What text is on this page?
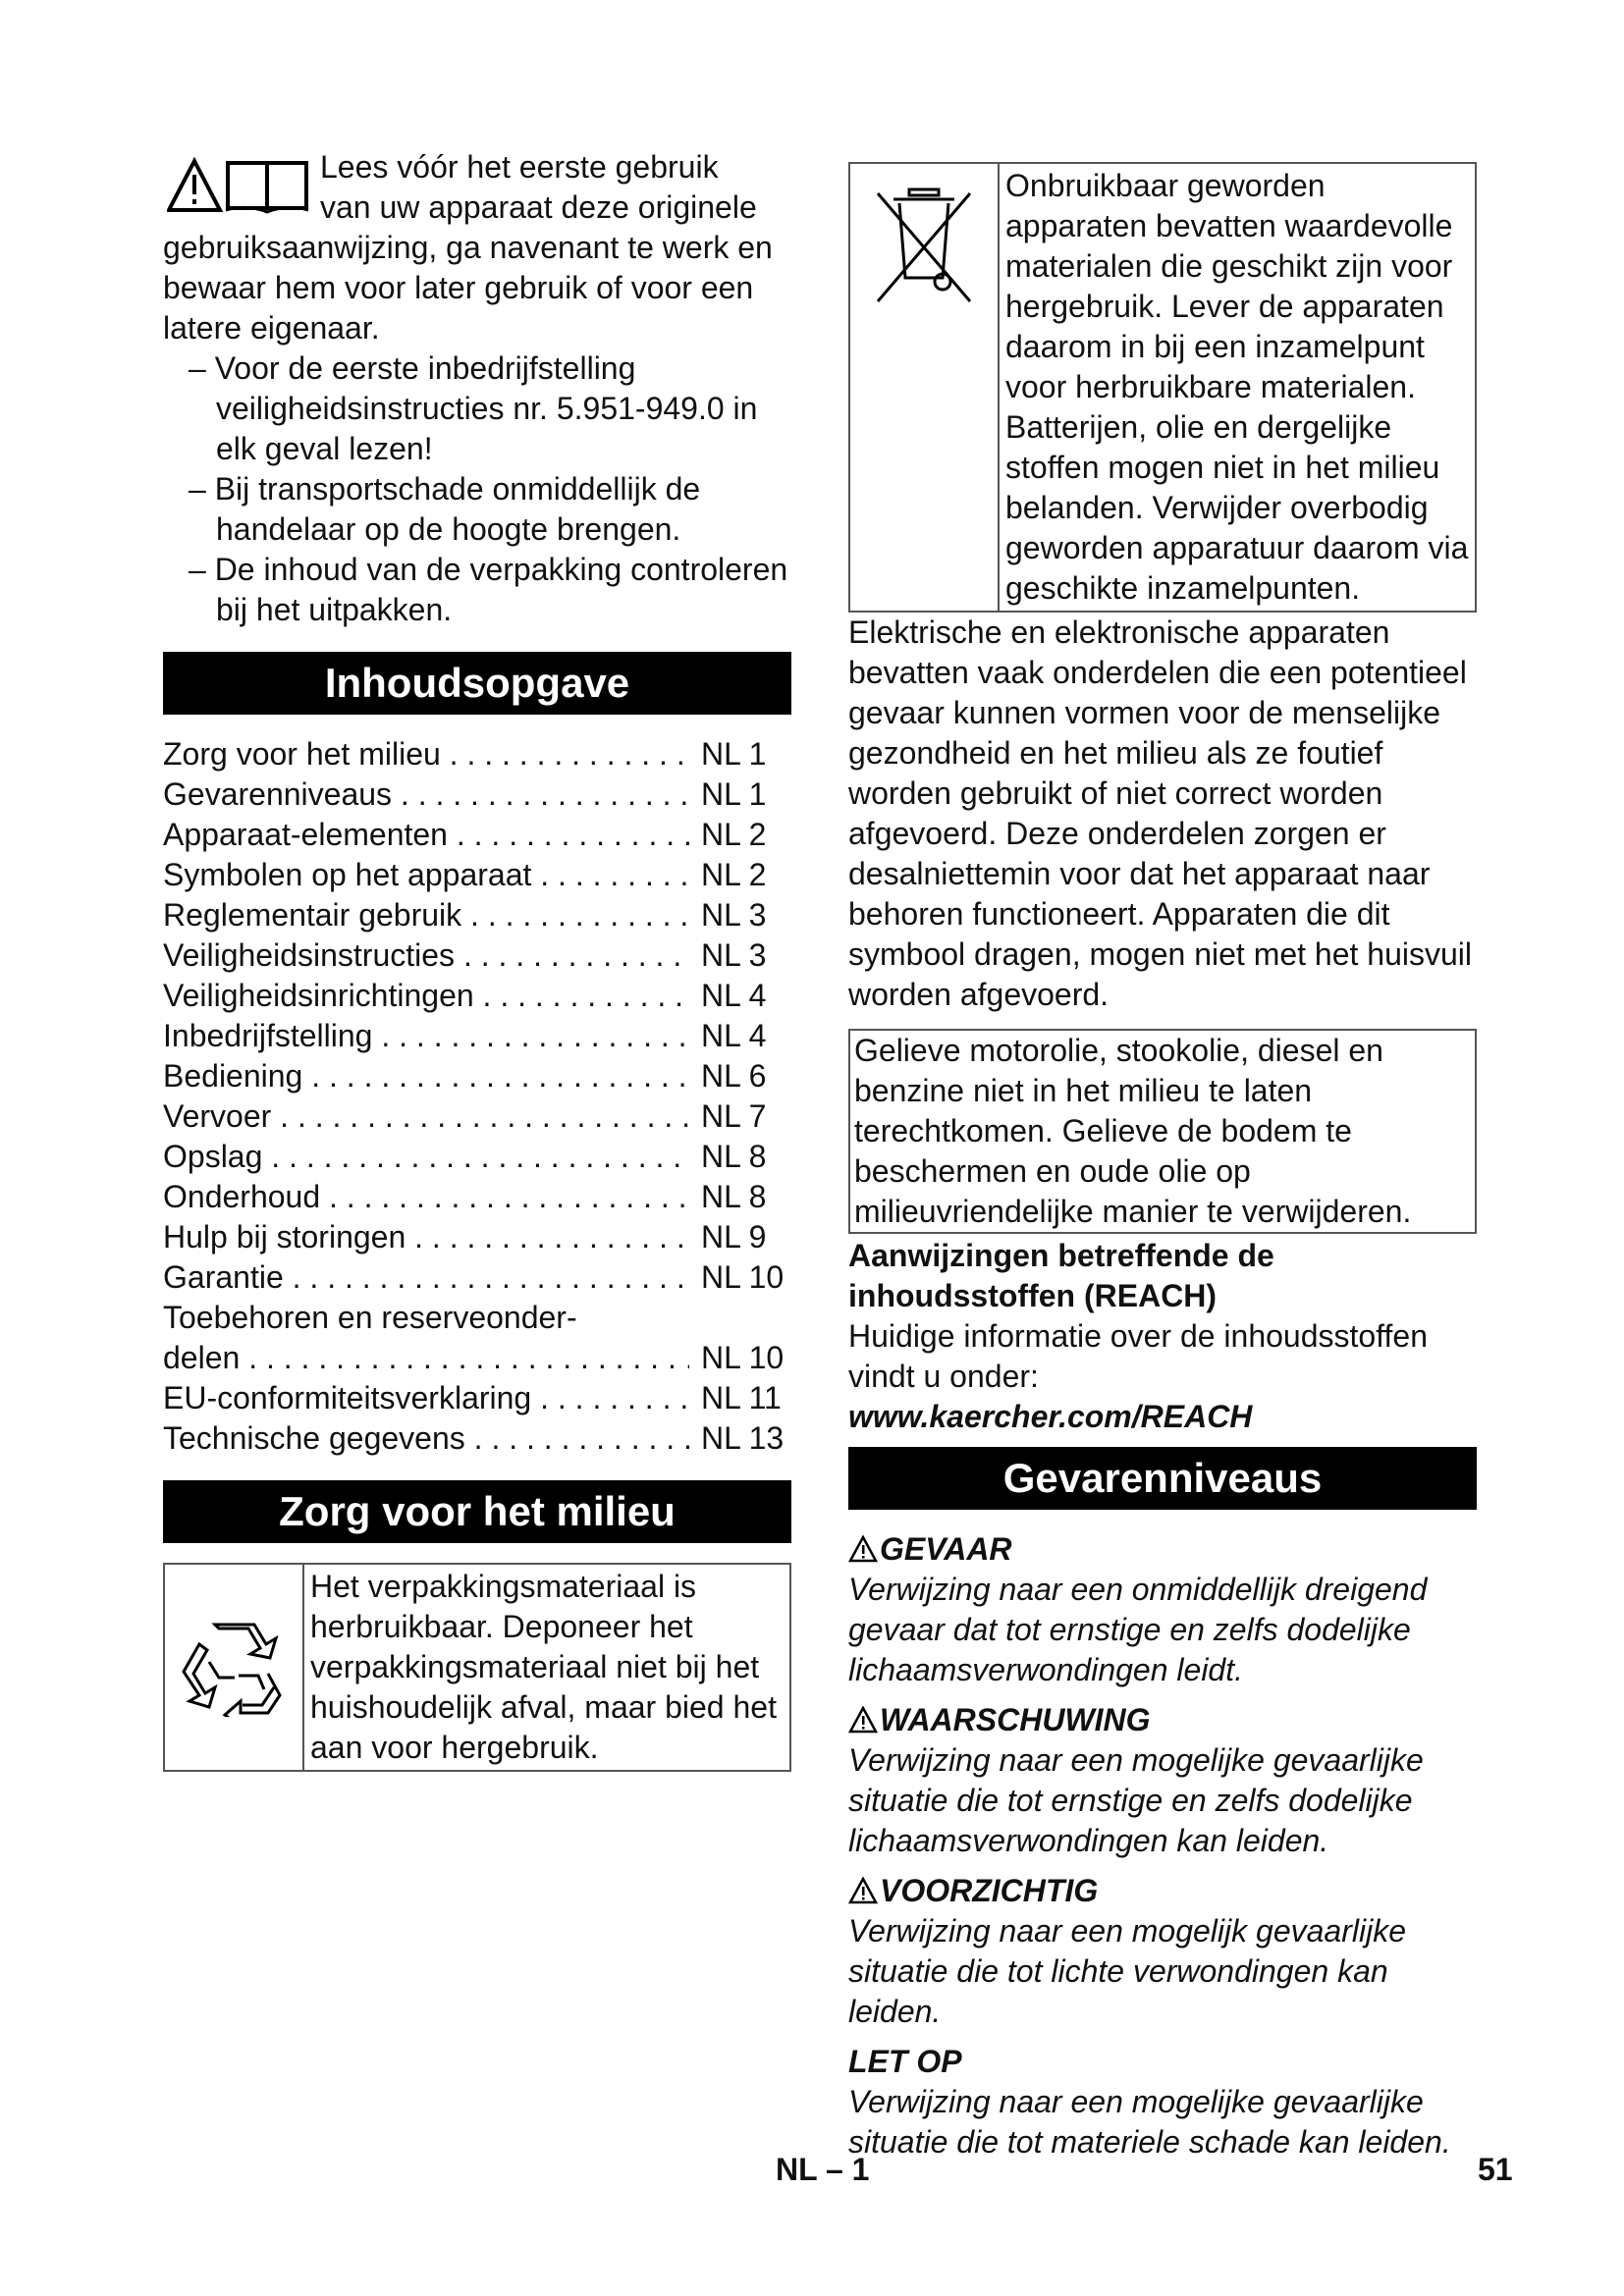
Lees vóór het eerste gebruik
van uw apparaat deze originele

gebruiksaanwijzing, ga navenant te werk en bewaar hem voor later gebruik of voor een latere eigenaar.

– Voor de eerste inbedrijfstelling veiligheidsinstructies nr. 5.951-949.0 in elk geval lezen!

– Bij transportschade onmiddellijk de handelaar op de hoogte brengen.

– De inhoud van de verpakking controleren bij het uitpakken.

Inhoudsopgave
Zorg voor het milieu . . .	NL 1
Gevarenniveaus . . .	NL 1
Apparaat-elementen . . .	NL 2
Symbolen op het apparaat . . .	NL 2
Reglementair gebruik . . .	NL 3
Veiligheidsinstructies . . .	NL 3
Veiligheidsinrichtingen . . .	NL 4
Inbedrijfstelling . . .	NL 4
Bediening . . .	NL 6
Vervoer . . .	NL 7
Opslag . . .	NL 8
Onderhoud . . .	NL 8
Hulp bij storingen . . .	NL 9
Garantie . . .	NL 10
Toebehoren en reserveonder-
delen . . .	NL 10
EU-conformiteitsverklaring . . .	NL 11
Technische gegevens . . .	NL 13
Zorg voor het milieu
Het verpakkingsmateriaal is herbruikbaar. Deponeer het verpakkingsmateriaal niet bij het huishoudelijk afval, maar bied het aan voor hergebruik.
Onbruikbaar geworden apparaten bevatten waardevolle materialen die geschikt zijn voor hergebruik. Lever de apparaten daarom in bij een inzamelpunt voor herbruikbare materialen. Batterijen, olie en dergelijke stoffen mogen niet in het milieu belanden. Verwijder overbodig geworden apparatuur daarom via geschikte inzamelpunten.

Elektrische en elektronische apparaten bevatten vaak onderdelen die een potentieel gevaar kunnen vormen voor de menselijke gezondheid en het milieu als ze foutief worden gebruikt of niet correct worden afgevoerd. Deze onderdelen zorgen er desalniettemin voor dat het apparaat naar behoren functioneert. Apparaten die dit symbool dragen, mogen niet met het huisvuil worden afgevoerd.

Gelieve motorolie, stookolie, diesel en benzine niet in het milieu te laten terechtkomen. Gelieve de bodem te beschermen en oude olie op milieuvriendelijke manier te verwijderen.

Aanwijzingen betreffende de inhoudsstoffen (REACH)

Huidige informatie over de inhoudsstoffen vindt u onder:

www.kaercher.com/REACH

Gevarenniveaus
GEVAAR
Verwijzing naar een onmiddellijk dreigend gevaar dat tot ernstige en zelfs dodelijke lichaamsverwondingen leidt.
WAARSCHUWING
Verwijzing naar een mogelijke gevaarlijke situatie die tot ernstige en zelfs dodelijke lichaamsverwondingen kan leiden.
VOORZICHTIG
Verwijzing naar een mogelijk gevaarlijke situatie die tot lichte verwondingen kan leiden.
LET OP
Verwijzing naar een mogelijke gevaarlijke situatie die tot materiele schade kan leiden.
NL – 1	51
